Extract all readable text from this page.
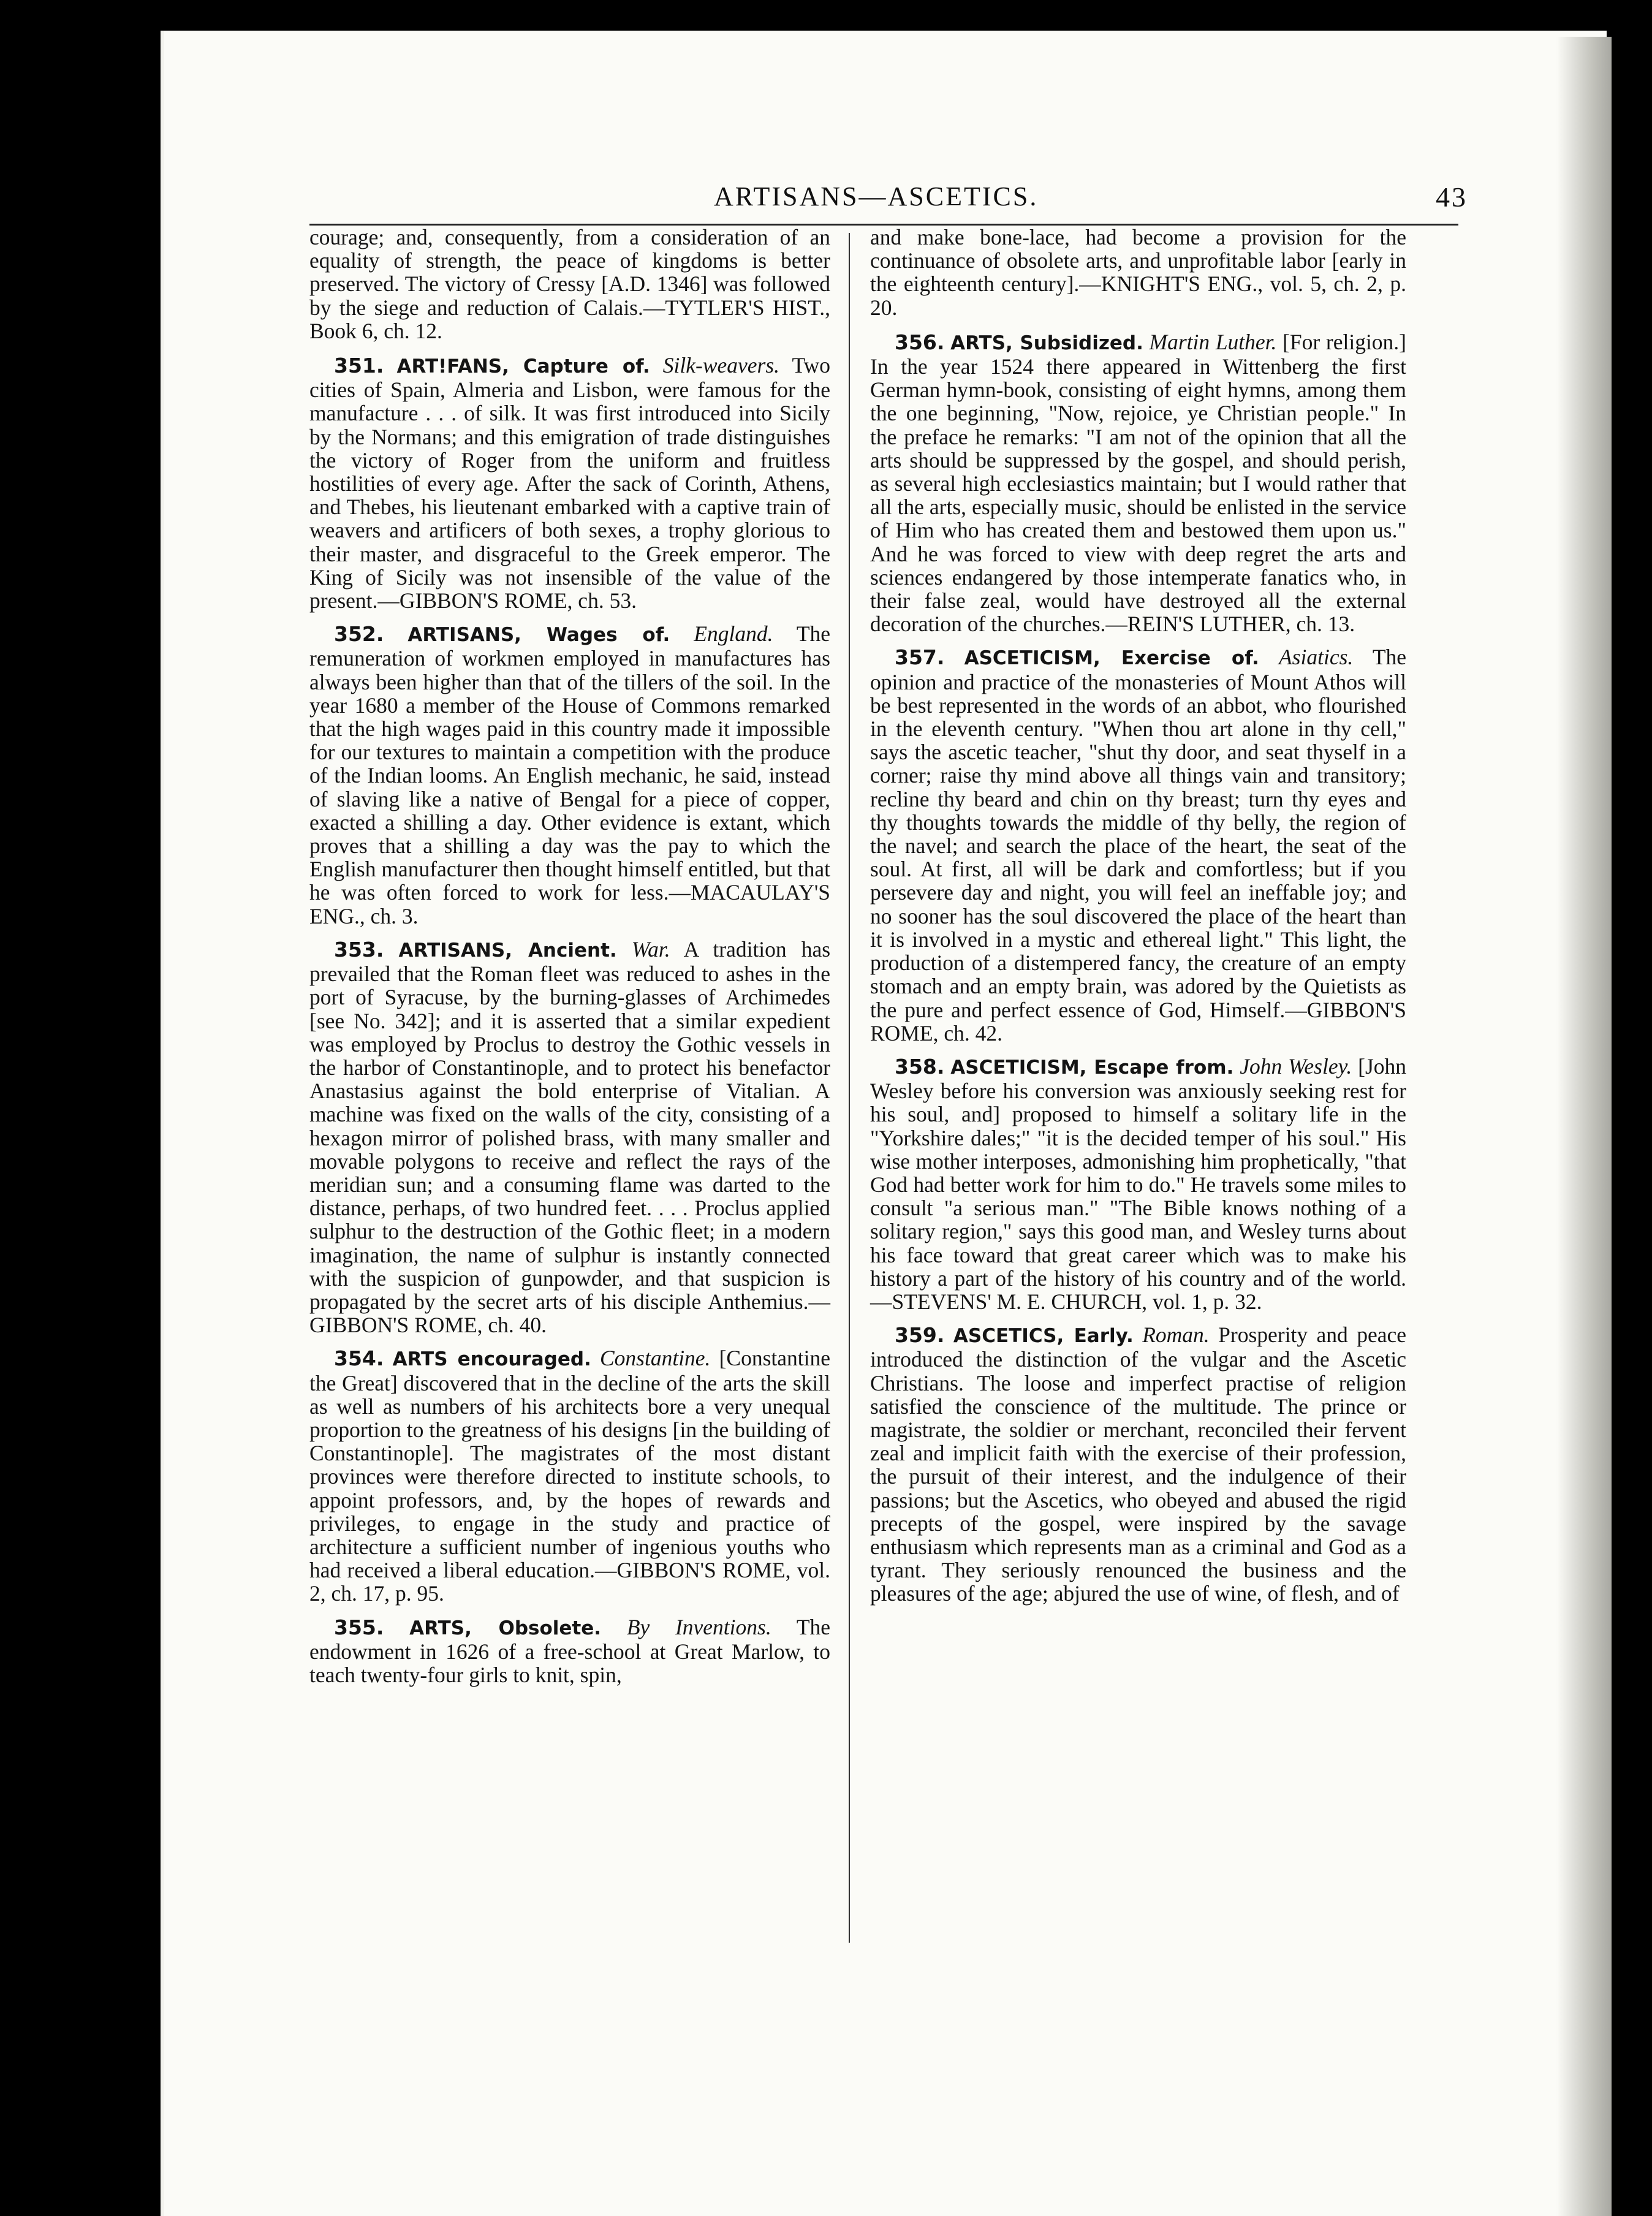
ARTISANS—ASCETICS.	43

courage; and, consequently, from a consideration of an equality of strength, the peace of kingdoms is better preserved. The victory of Cressy [A.D. 1346] was followed by the siege and reduction of Calais.—TYTLER'S HIST., Book 6, ch. 12.

351. ART!FANS, Capture of. Silk-weavers. Two cities of Spain, Almeria and Lisbon, were famous for the manufacture . . . of silk. It was first introduced into Sicily by the Normans; and this emigration of trade distinguishes the victory of Roger from the uniform and fruitless hostilities of every age. After the sack of Corinth, Athens, and Thebes, his lieutenant embarked with a captive train of weavers and artificers of both sexes, a trophy glorious to their master, and disgraceful to the Greek emperor. The King of Sicily was not insensible of the value of the present.—GIBBON'S ROME, ch. 53.

352. ARTISANS, Wages of. England. The remuneration of workmen employed in manufactures has always been higher than that of the tillers of the soil. In the year 1680 a member of the House of Commons remarked that the high wages paid in this country made it impossible for our textures to maintain a competition with the produce of the Indian looms. An English mechanic, he said, instead of slaving like a native of Bengal for a piece of copper, exacted a shilling a day. Other evidence is extant, which proves that a shilling a day was the pay to which the English manufacturer then thought himself entitled, but that he was often forced to work for less.—MACAULAY'S ENG., ch. 3.

353. ARTISANS, Ancient. War. A tradition has prevailed that the Roman fleet was reduced to ashes in the port of Syracuse, by the burning-glasses of Archimedes [see No. 342]; and it is asserted that a similar expedient was employed by Proclus to destroy the Gothic vessels in the harbor of Constantinople, and to protect his benefactor Anastasius against the bold enterprise of Vitalian. A machine was fixed on the walls of the city, consisting of a hexagon mirror of polished brass, with many smaller and movable polygons to receive and reflect the rays of the meridian sun; and a consuming flame was darted to the distance, perhaps, of two hundred feet. . . . Proclus applied sulphur to the destruction of the Gothic fleet; in a modern imagination, the name of sulphur is instantly connected with the suspicion of gunpowder, and that suspicion is propagated by the secret arts of his disciple Anthemius.—GIBBON'S ROME, ch. 40.

354. ARTS encouraged. Constantine. [Constantine the Great] discovered that in the decline of the arts the skill as well as numbers of his architects bore a very unequal proportion to the greatness of his designs [in the building of Constantinople]. The magistrates of the most distant provinces were therefore directed to institute schools, to appoint professors, and, by the hopes of rewards and privileges, to engage in the study and practice of architecture a sufficient number of ingenious youths who had received a liberal education.—GIBBON'S ROME, vol. 2, ch. 17, p. 95.

355. ARTS, Obsolete. By Inventions. The endowment in 1626 of a free-school at Great Marlow, to teach twenty-four girls to knit, spin,

and make bone-lace, had become a provision for the continuance of obsolete arts, and unprofitable labor [early in the eighteenth century].—KNIGHT'S ENG., vol. 5, ch. 2, p. 20.

356. ARTS, Subsidized. Martin Luther. [For religion.] In the year 1524 there appeared in Wittenberg the first German hymn-book, consisting of eight hymns, among them the one beginning, "Now, rejoice, ye Christian people." In the preface he remarks: "I am not of the opinion that all the arts should be suppressed by the gospel, and should perish, as several high ecclesiastics maintain; but I would rather that all the arts, especially music, should be enlisted in the service of Him who has created them and bestowed them upon us." And he was forced to view with deep regret the arts and sciences endangered by those intemperate fanatics who, in their false zeal, would have destroyed all the external decoration of the churches.—REIN'S LUTHER, ch. 13.

357. ASCETICISM, Exercise of. Asiatics. The opinion and practice of the monasteries of Mount Athos will be best represented in the words of an abbot, who flourished in the eleventh century. "When thou art alone in thy cell," says the ascetic teacher, "shut thy door, and seat thyself in a corner; raise thy mind above all things vain and transitory; recline thy beard and chin on thy breast; turn thy eyes and thy thoughts towards the middle of thy belly, the region of the navel; and search the place of the heart, the seat of the soul. At first, all will be dark and comfortless; but if you persevere day and night, you will feel an ineffable joy; and no sooner has the soul discovered the place of the heart than it is involved in a mystic and ethereal light." This light, the production of a distempered fancy, the creature of an empty stomach and an empty brain, was adored by the Quietists as the pure and perfect essence of God, Himself.—GIBBON'S ROME, ch. 42.

358. ASCETICISM, Escape from. John Wesley. [John Wesley before his conversion was anxiously seeking rest for his soul, and] proposed to himself a solitary life in the "Yorkshire dales;" "it is the decided temper of his soul." His wise mother interposes, admonishing him prophetically, "that God had better work for him to do." He travels some miles to consult "a serious man." "The Bible knows nothing of a solitary region," says this good man, and Wesley turns about his face toward that great career which was to make his history a part of the history of his country and of the world.—STEVENS' M. E. CHURCH, vol. 1, p. 32.

359. ASCETICS, Early. Roman. Prosperity and peace introduced the distinction of the vulgar and the Ascetic Christians. The loose and imperfect practise of religion satisfied the conscience of the multitude. The prince or magistrate, the soldier or merchant, reconciled their fervent zeal and implicit faith with the exercise of their profession, the pursuit of their interest, and the indulgence of their passions; but the Ascetics, who obeyed and abused the rigid precepts of the gospel, were inspired by the savage enthusiasm which represents man as a criminal and God as a tyrant. They seriously renounced the business and the pleasures of the age; abjured the use of wine, of flesh, and of
